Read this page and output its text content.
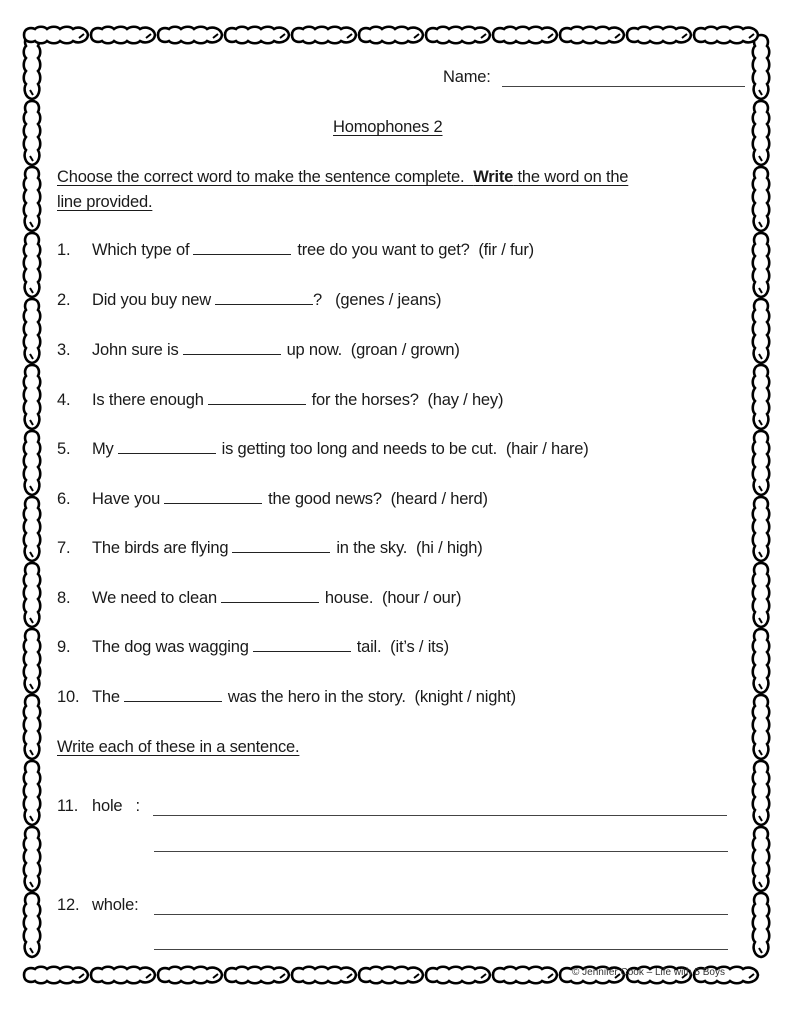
Name:
Homophones 2
Choose the correct word to make the sentence complete.  Write the word on the
line provided.
1. Which type of	tree do you want to get?  (fir / fur)
2. Did you buy new	?   (genes / jeans)
3. John sure is	up now.  (groan / grown)
4. Is there enough	for the horses?  (hay / hey)
5. My	is getting too long and needs to be cut.  (hair / hare)
6. Have you	the good news?  (heard / herd)
7. The birds are flying	in the sky.  (hi / high)
8. We need to clean	house.  (hour / our)
9. The dog was wagging	tail.  (it’s / its)
10. The	was the hero in the story.  (knight / night)
Write each of these in a sentence.
11. hole   :
12. whole:
© Jennifer Cook – Life with 5 Boys
